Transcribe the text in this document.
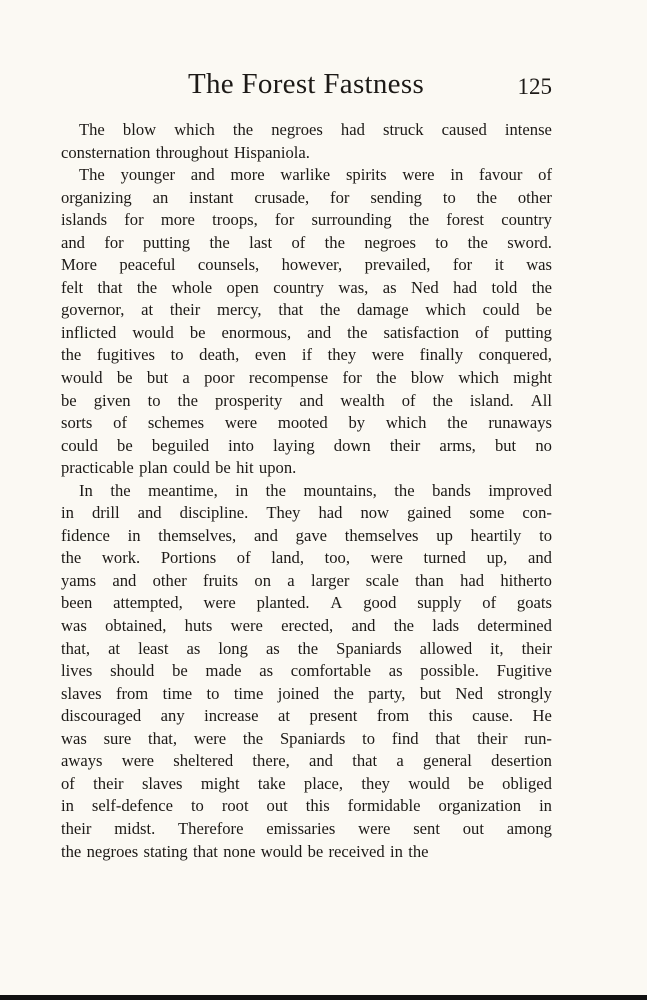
The Forest Fastness	125
The blow which the negroes had struck caused intense
consternation throughout Hispaniola.
The younger and more warlike spirits were in favour of
organizing an instant crusade, for sending to the other
islands for more troops, for surrounding the forest country
and for putting the last of the negroes to the sword.
More peaceful counsels, however, prevailed, for it was
felt that the whole open country was, as Ned had told the
governor, at their mercy, that the damage which could be
inflicted would be enormous, and the satisfaction of putting
the fugitives to death, even if they were finally conquered,
would be but a poor recompense for the blow which might
be given to the prosperity and wealth of the island. All
sorts of schemes were mooted by which the runaways
could be beguiled into laying down their arms, but no
practicable plan could be hit upon.
In the meantime, in the mountains, the bands improved
in drill and discipline. They had now gained some con-
fidence in themselves, and gave themselves up heartily to
the work. Portions of land, too, were turned up, and
yams and other fruits on a larger scale than had hitherto
been attempted, were planted. A good supply of goats
was obtained, huts were erected, and the lads determined
that, at least as long as the Spaniards allowed it, their
lives should be made as comfortable as possible. Fugitive
slaves from time to time joined the party, but Ned strongly
discouraged any increase at present from this cause. He
was sure that, were the Spaniards to find that their run-
aways were sheltered there, and that a general desertion
of their slaves might take place, they would be obliged
in self-defence to root out this formidable organization in
their midst. Therefore emissaries were sent out among
the negroes stating that none would be received in the
